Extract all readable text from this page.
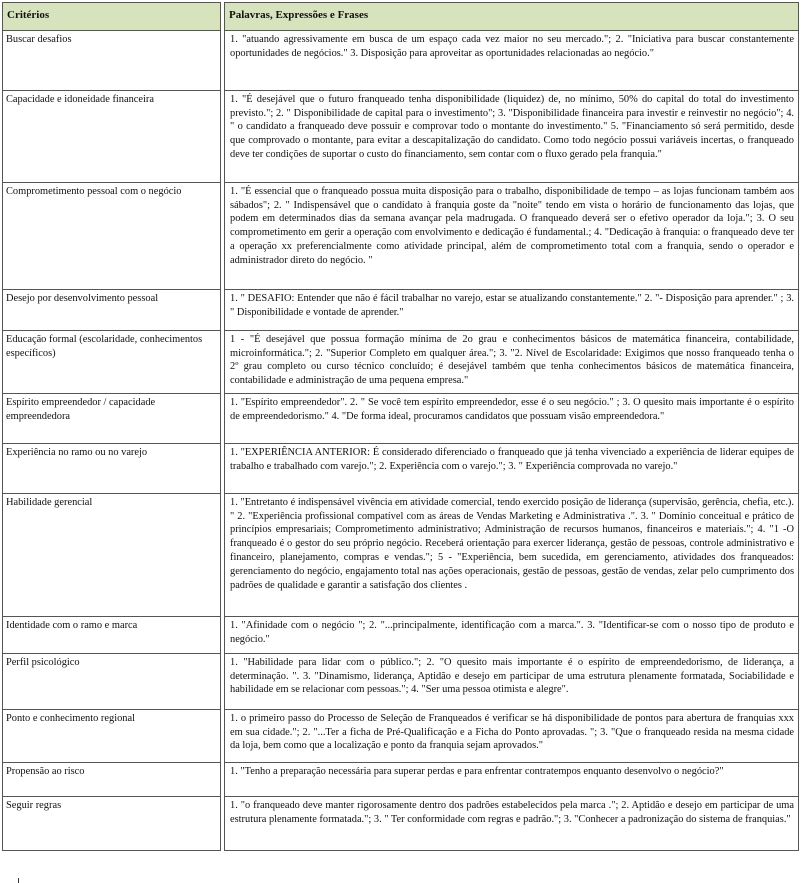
Critérios		Palavras, Expressões e Frases
Buscar desafios		1. "atuando agressivamente em busca de um espaço cada vez maior no seu mercado."; 2. "Iniciativa para buscar constantemente oportunidades de negócios." 3. Disposição para aproveitar as oportunidades relacionadas ao negócio."
Capacidade e idoneidade financeira		1. "É desejável que o futuro franqueado tenha disponibilidade (liquidez) de, no mínimo, 50% do capital do total do investimento previsto."; 2. " Disponibilidade de capital para o investimento"; 3. "Disponibilidade financeira para investir e reinvestir no negócio"; 4. " o candidato a franqueado deve possuir e comprovar todo o montante do investimento." 5. "Financiamento só será permitido, desde que comprovado o montante, para evitar a descapitalização do candidato. Como todo negócio possui variáveis incertas, o franqueado deve ter condições de suportar o custo do financiamento, sem contar com o fluxo gerado pela franquia."
Comprometimento pessoal com o negócio		1. "É essencial que o franqueado possua muita disposição para o trabalho, disponibilidade de tempo – as lojas funcionam também aos sábados"; 2. " Indispensável que o candidato à franquia goste da "noite" tendo em vista o horário de funcionamento das lojas, que podem em determinados dias da semana avançar pela madrugada. O franqueado deverá ser o efetivo operador da loja."; 3. O seu comprometimento em gerir a operação com envolvimento e dedicação é fundamental.; 4. "Dedicação à franquia: o franqueado deve ter a operação xx preferencialmente como atividade principal, além de comprometimento total com a franquia, sendo o operador e administrador direto do negócio. "
Desejo por desenvolvimento pessoal		1. " DESAFIO: Entender que não é fácil trabalhar no varejo, estar se atualizando constantemente." 2. "- Disposição para aprender." ; 3. " Disponibilidade e vontade de aprender."
Educação formal (escolaridade, conhecimentos específicos)		1 - "É desejável que possua formação mínima de 2o grau e conhecimentos básicos de matemática financeira, contabilidade, microinformática."; 2. "Superior Completo em qualquer área."; 3. "2. Nível de Escolaridade: Exigimos que nosso franqueado tenha o 2º grau completo ou curso técnico concluído; é desejável também que tenha conhecimentos básicos de matemática financeira, contabilidade e administração de uma pequena empresa."
Espírito empreendedor / capacidade empreendedora		1. "Espírito empreendedor". 2. " Se você tem espírito empreendedor, esse é o seu negócio." ; 3. O quesito mais importante é o espírito de empreendedorismo." 4. "De forma ideal, procuramos candidatos que possuam visão empreendedora."
Experiência no ramo ou no varejo		1. "EXPERIÊNCIA ANTERIOR: É considerado diferenciado o franqueado que já tenha vivenciado a experiência de liderar equipes de trabalho e trabalhado com varejo."; 2. Experiência com o varejo."; 3. " Experiência comprovada no varejo."
Habilidade gerencial		1. "Entretanto é indispensável vivência em atividade comercial, tendo exercido posição de liderança (supervisão, gerência, chefia, etc.). " 2. "Experiência profissional compatível com as áreas de Vendas Marketing e Administrativa .". 3. " Domínio conceitual e prático de princípios empresariais; Comprometimento administrativo; Administração de recursos humanos, financeiros e materiais."; 4. "1 -O franqueado é o gestor do seu próprio negócio. Receberá orientação para exercer liderança, gestão de pessoas, controle administrativo e financeiro, planejamento, compras e vendas."; 5 - "Experiência, bem sucedida, em gerenciamento, atividades dos franqueados: gerenciamento do negócio, engajamento total nas ações operacionais, gestão de pessoas, gestão de vendas, zelar pelo cumprimento dos padrões de qualidade e garantir a satisfação dos clientes .
Identidade com o ramo e marca		1. "Afinidade com o negócio "; 2. "...principalmente, identificação com a marca.". 3. "Identificar-se com o nosso tipo de produto e negócio."
Perfil psicológico		1. "Habilidade para lidar com o público."; 2. "O quesito mais importante é o espírito de empreendedorismo, de liderança, a determinação. ". 3. "Dinamismo, liderança, Aptidão e desejo em participar de uma estrutura plenamente formatada, Sociabilidade e habilidade em se relacionar com pessoas."; 4. "Ser uma pessoa otimista e alegre".
Ponto e conhecimento regional		1. o primeiro passo do Processo de Seleção de Franqueados é verificar se há disponibilidade de pontos para abertura de franquias xxx em sua cidade."; 2. "...Ter a ficha de Pré-Qualificação e a Ficha do Ponto aprovadas. "; 3. "Que o franqueado resida na mesma cidade da loja, bem como que a localização e ponto da franquia sejam aprovados."
Propensão ao risco		1. "Tenho a preparação necessária para superar perdas e para enfrentar contratempos enquanto desenvolvo o negócio?"
Seguir regras		1. "o franqueado deve manter rigorosamente dentro dos padrões estabelecidos pela marca ."; 2. Aptidão e desejo em participar de uma estrutura plenamente formatada."; 3. " Ter conformidade com regras e padrão."; 3. "Conhecer a padronização do sistema de franquias."
